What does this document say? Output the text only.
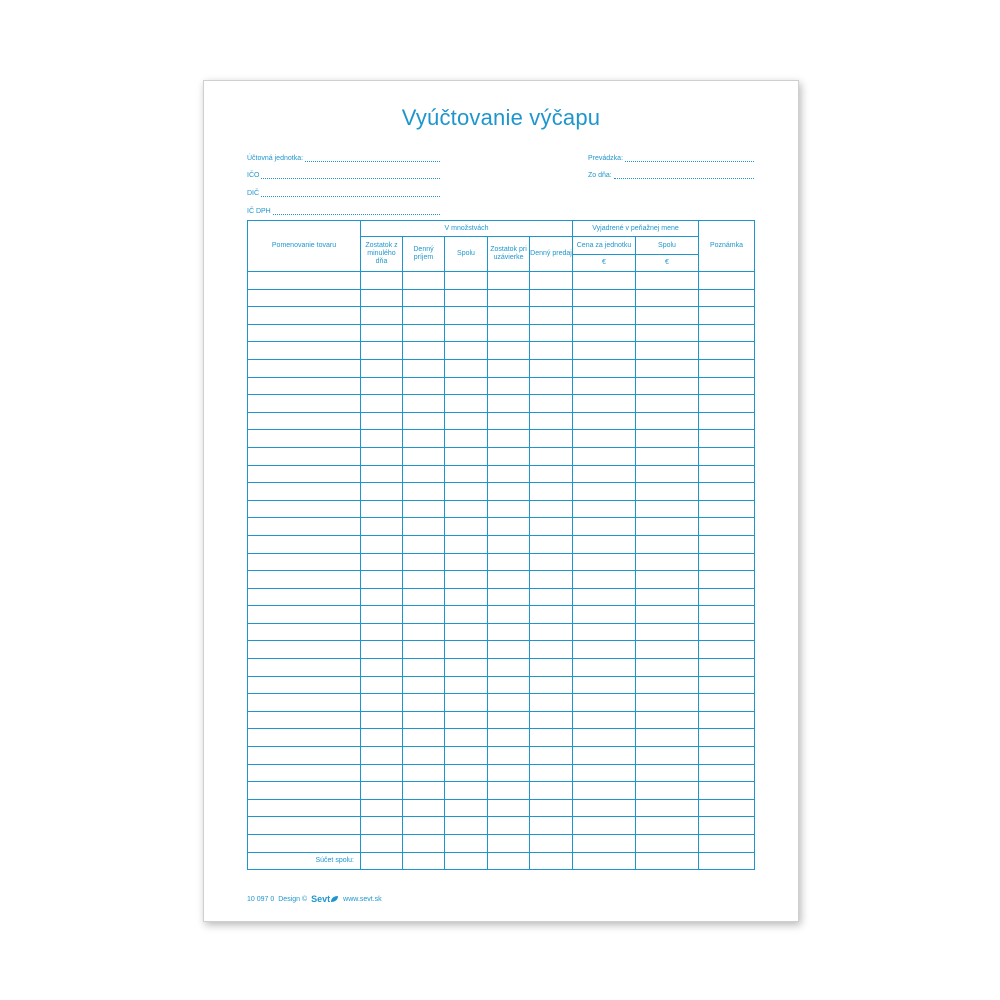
Vyúčtovanie výčapu
Účtovná jednotka:
IČO
DIČ
IČ DPH
Prevádzka:
Zo dňa:
Pomenovanie tovaru	V množstvách					Vyjadrené v peňažnej mene		Poznámka
	Zostatok z minulého dňa	Denný príjem	Spolu	Zostatok pri uzávierke	Denný predaj	Cena za jednotku	Spolu	
						€	€	

Súčet spolu:								
10 097 0 Design © Sevt www.sevt.sk
